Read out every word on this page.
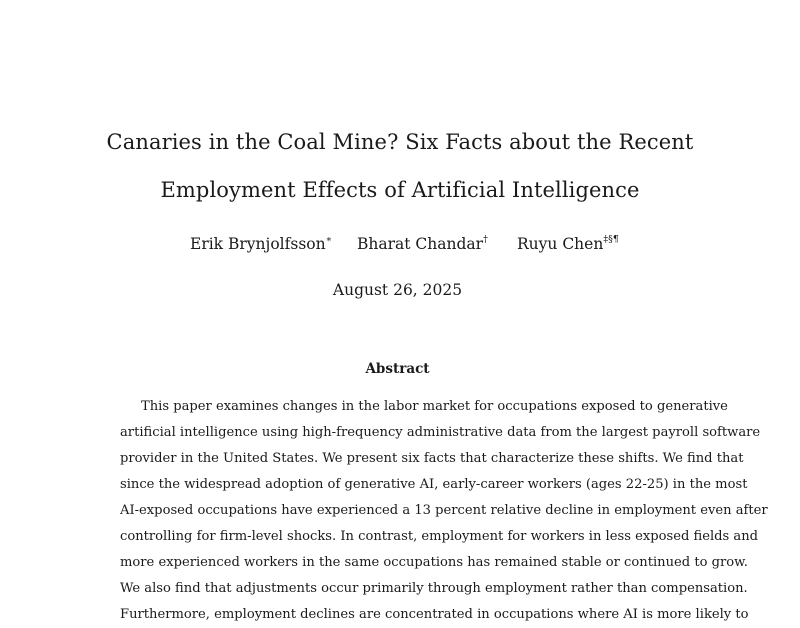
Canaries in the Coal Mine? Six Facts about the Recent
Employment Effects of Artificial Intelligence
Erik Brynjolfsson∗ Bharat Chandar† Ruyu Chen‡§¶
August 26, 2025
Abstract
This paper examines changes in the labor market for occupations exposed to generative
artificial intelligence using high-frequency administrative data from the largest payroll software
provider in the United States. We present six facts that characterize these shifts. We find that
since the widespread adoption of generative AI, early-career workers (ages 22-25) in the most
AI-exposed occupations have experienced a 13 percent relative decline in employment even after
controlling for firm-level shocks. In contrast, employment for workers in less exposed fields and
more experienced workers in the same occupations has remained stable or continued to grow.
We also find that adjustments occur primarily through employment rather than compensation.
Furthermore, employment declines are concentrated in occupations where AI is more likely to
